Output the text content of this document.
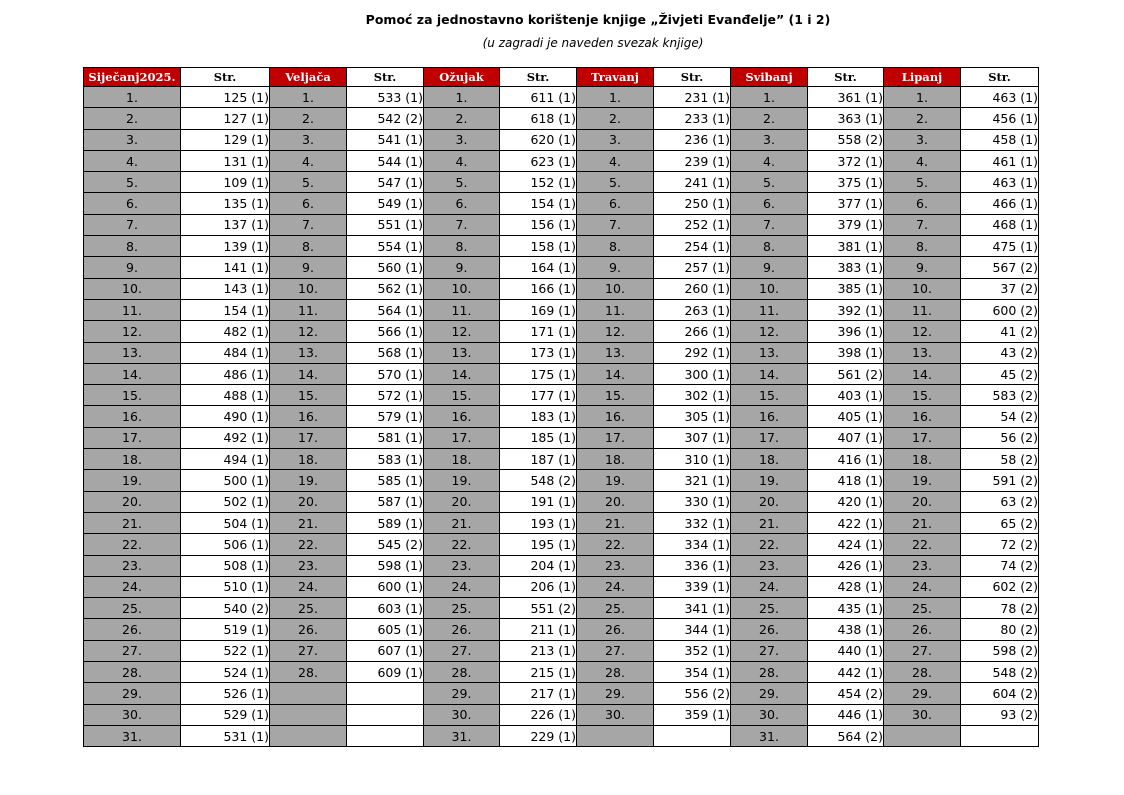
Pomoć za jednostavno korištenje knjige „Živjeti Evanđelje” (1 i 2)
(u zagradi je naveden svezak knjige)
Siječanj2025.	Str.	Veljača	Str.	Ožujak	Str.	Travanj	Str.	Svibanj	Str.	Lipanj	Str.
1.	125 (1)	1.	533 (1)	1.	611 (1)	1.	231 (1)	1.	361 (1)	1.	463 (1)
2.	127 (1)	2.	542 (2)	2.	618 (1)	2.	233 (1)	2.	363 (1)	2.	456 (1)
3.	129 (1)	3.	541 (1)	3.	620 (1)	3.	236 (1)	3.	558 (2)	3.	458 (1)
4.	131 (1)	4.	544 (1)	4.	623 (1)	4.	239 (1)	4.	372 (1)	4.	461 (1)
5.	109 (1)	5.	547 (1)	5.	152 (1)	5.	241 (1)	5.	375 (1)	5.	463 (1)
6.	135 (1)	6.	549 (1)	6.	154 (1)	6.	250 (1)	6.	377 (1)	6.	466 (1)
7.	137 (1)	7.	551 (1)	7.	156 (1)	7.	252 (1)	7.	379 (1)	7.	468 (1)
8.	139 (1)	8.	554 (1)	8.	158 (1)	8.	254 (1)	8.	381 (1)	8.	475 (1)
9.	141 (1)	9.	560 (1)	9.	164 (1)	9.	257 (1)	9.	383 (1)	9.	567 (2)
10.	143 (1)	10.	562 (1)	10.	166 (1)	10.	260 (1)	10.	385 (1)	10.	37 (2)
11.	154 (1)	11.	564 (1)	11.	169 (1)	11.	263 (1)	11.	392 (1)	11.	600 (2)
12.	482 (1)	12.	566 (1)	12.	171 (1)	12.	266 (1)	12.	396 (1)	12.	41 (2)
13.	484 (1)	13.	568 (1)	13.	173 (1)	13.	292 (1)	13.	398 (1)	13.	43 (2)
14.	486 (1)	14.	570 (1)	14.	175 (1)	14.	300 (1)	14.	561 (2)	14.	45 (2)
15.	488 (1)	15.	572 (1)	15.	177 (1)	15.	302 (1)	15.	403 (1)	15.	583 (2)
16.	490 (1)	16.	579 (1)	16.	183 (1)	16.	305 (1)	16.	405 (1)	16.	54 (2)
17.	492 (1)	17.	581 (1)	17.	185 (1)	17.	307 (1)	17.	407 (1)	17.	56 (2)
18.	494 (1)	18.	583 (1)	18.	187 (1)	18.	310 (1)	18.	416 (1)	18.	58 (2)
19.	500 (1)	19.	585 (1)	19.	548 (2)	19.	321 (1)	19.	418 (1)	19.	591 (2)
20.	502 (1)	20.	587 (1)	20.	191 (1)	20.	330 (1)	20.	420 (1)	20.	63 (2)
21.	504 (1)	21.	589 (1)	21.	193 (1)	21.	332 (1)	21.	422 (1)	21.	65 (2)
22.	506 (1)	22.	545 (2)	22.	195 (1)	22.	334 (1)	22.	424 (1)	22.	72 (2)
23.	508 (1)	23.	598 (1)	23.	204 (1)	23.	336 (1)	23.	426 (1)	23.	74 (2)
24.	510 (1)	24.	600 (1)	24.	206 (1)	24.	339 (1)	24.	428 (1)	24.	602 (2)
25.	540 (2)	25.	603 (1)	25.	551 (2)	25.	341 (1)	25.	435 (1)	25.	78 (2)
26.	519 (1)	26.	605 (1)	26.	211 (1)	26.	344 (1)	26.	438 (1)	26.	80 (2)
27.	522 (1)	27.	607 (1)	27.	213 (1)	27.	352 (1)	27.	440 (1)	27.	598 (2)
28.	524 (1)	28.	609 (1)	28.	215 (1)	28.	354 (1)	28.	442 (1)	28.	548 (2)
29.	526 (1)			29.	217 (1)	29.	556 (2)	29.	454 (2)	29.	604 (2)
30.	529 (1)			30.	226 (1)	30.	359 (1)	30.	446 (1)	30.	93 (2)
31.	531 (1)			31.	229 (1)			31.	564 (2)		
